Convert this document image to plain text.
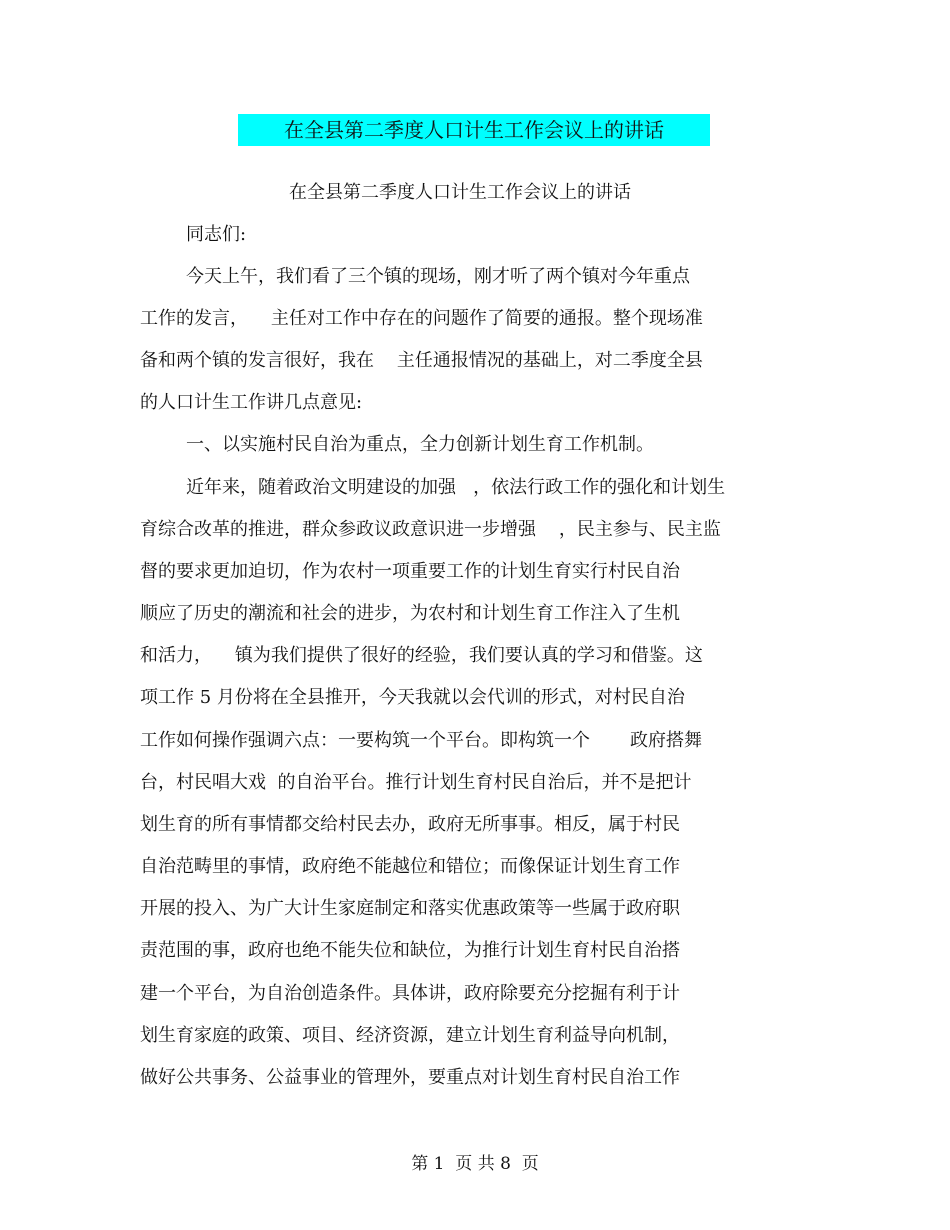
在全县第二季度人口计生工作会议上的讲话

在全县第二季度人口计生工作会议上的讲话

同志们:

今天上午，我们看了三个镇的现场，刚才听了两个镇对今年重点

工作的发言，    主任对工作中存在的问题作了简要的通报。整个现场准

备和两个镇的发言很好，我在    主任通报情况的基础上，对二季度全县

的人口计生工作讲几点意见:

一、以实施村民自治为重点，全力创新计划生育工作机制。

近年来，随着政治文明建设的加强   ，依法行政工作的强化和计划生

育综合改革的推进，群众参政议政意识进一步增强    ，民主参与、民主监

督的要求更加迫切，作为农村一项重要工作的计划生育实行村民自治

顺应了历史的潮流和社会的进步，为农村和计划生育工作注入了生机

和活力，    镇为我们提供了很好的经验，我们要认真的学习和借鉴。这

项工作 5 月份将在全县推开，今天我就以会代训的形式，对村民自治

工作如何操作强调六点：一要构筑一个平台。即构筑一个       政府搭舞

台，村民唱大戏  的自治平台。推行计划生育村民自治后，并不是把计

划生育的所有事情都交给村民去办，政府无所事事。相反，属于村民

自治范畴里的事情，政府绝不能越位和错位；而像保证计划生育工作

开展的投入、为广大计生家庭制定和落实优惠政策等一些属于政府职

责范围的事，政府也绝不能失位和缺位，为推行计划生育村民自治搭

建一个平台，为自治创造条件。具体讲，政府除要充分挖掘有利于计

划生育家庭的政策、项目、经济资源，建立计划生育利益导向机制，

做好公共事务、公益事业的管理外，要重点对计划生育村民自治工作

第 1  页 共 8  页
